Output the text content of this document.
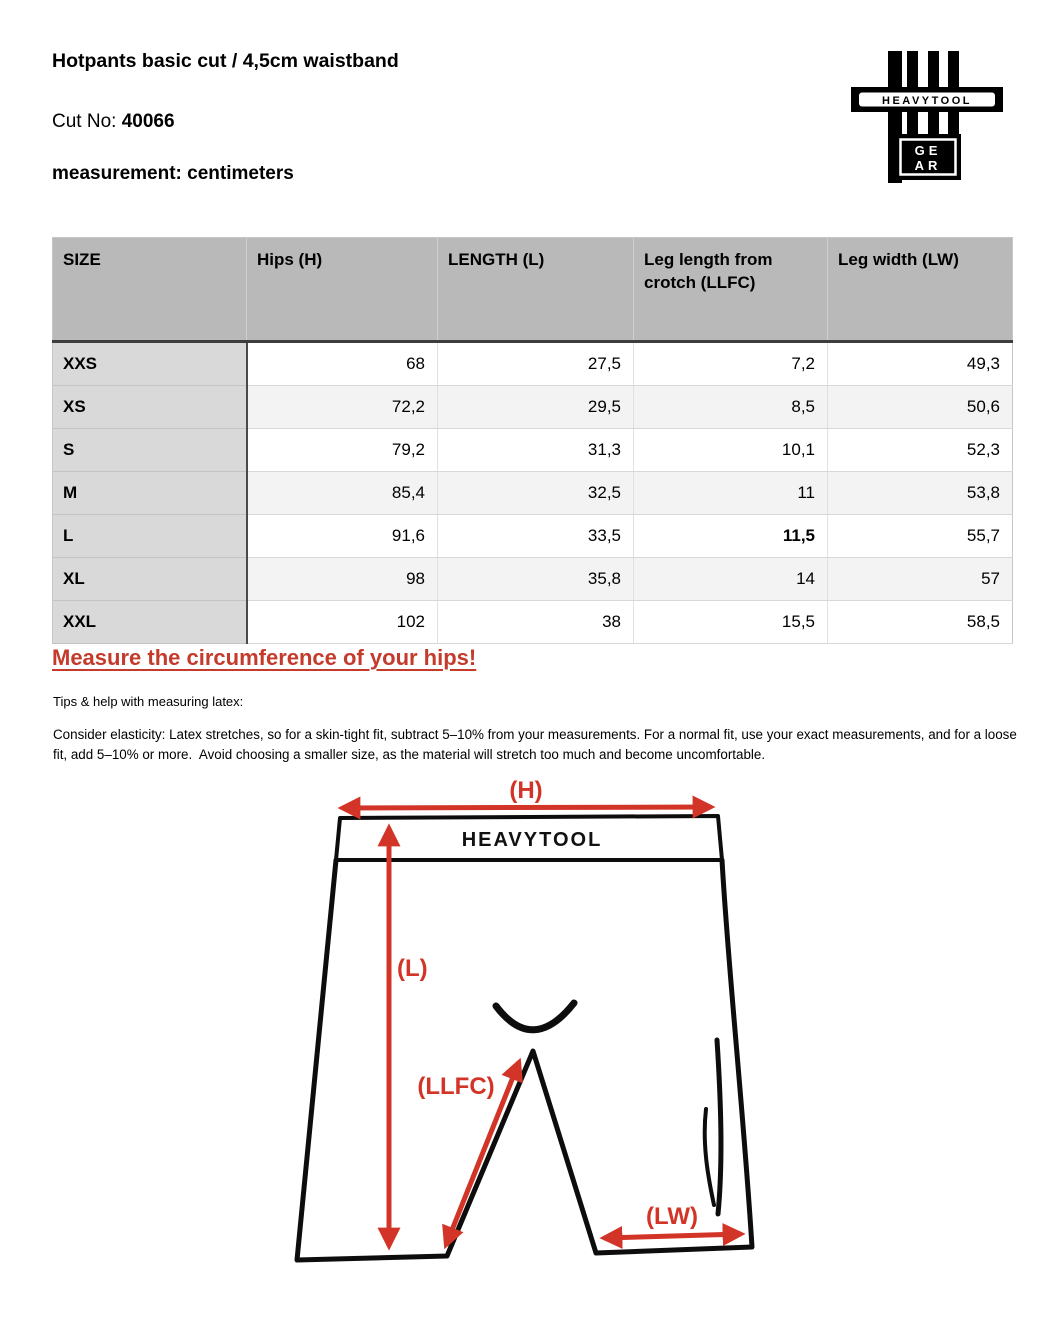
Hotpants basic cut / 4,5cm waistband

Cut No: 40066

measurement: centimeters

HEAVYTOOL
GE
AR
SIZE	Hips (H)	LENGTH (L)	Leg length from crotch (LLFC)	Leg width (LW)
XXS	68	27,5	7,2	49,3
XS	72,2	29,5	8,5	50,6
S	79,2	31,3	10,1	52,3
M	85,4	32,5	11	53,8
L	91,6	33,5	11,5	55,7
XL	98	35,8	14	57
XXL	102	38	15,5	58,5
Measure the circumference of your hips!

Tips & help with measuring latex:

Consider elasticity: Latex stretches, so for a skin-tight fit, subtract 5–10% from your measurements. For a normal fit, use your exact measurements, and for a loose fit, add 5–10% or more.  Avoid choosing a smaller size, as the material will stretch too much and become uncomfortable.

HEAVYTOOL
(H)
(L)
(LLFC)
(LW)
